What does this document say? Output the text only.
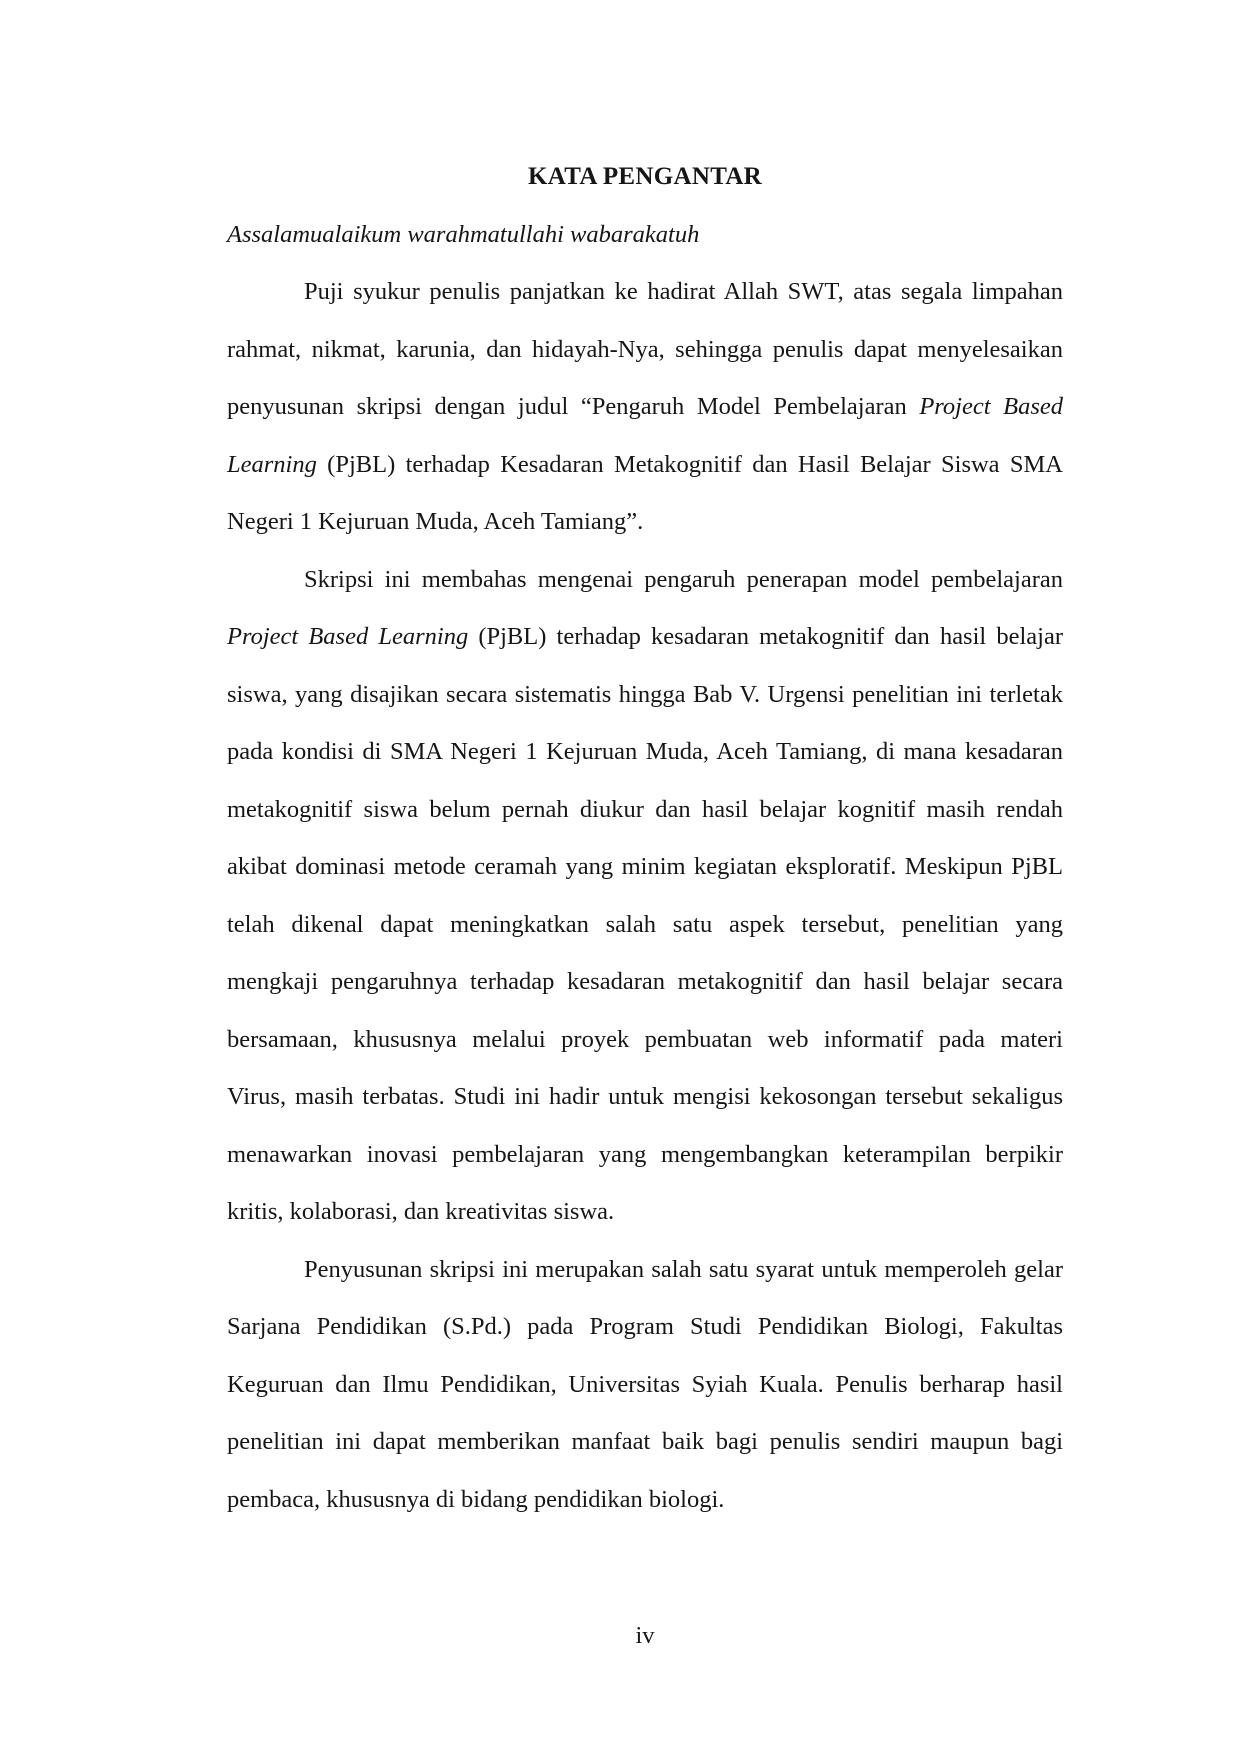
KATA PENGANTAR

Assalamualaikum warahmatullahi wabarakatuh

Puji syukur penulis panjatkan ke hadirat Allah SWT, atas segala limpahan
rahmat, nikmat, karunia, dan hidayah-Nya, sehingga penulis dapat menyelesaikan
penyusunan skripsi dengan judul “Pengaruh Model Pembelajaran Project Based
Learning (PjBL) terhadap Kesadaran Metakognitif dan Hasil Belajar Siswa SMA
Negeri 1 Kejuruan Muda, Aceh Tamiang”.
Skripsi ini membahas mengenai pengaruh penerapan model pembelajaran
Project Based Learning (PjBL) terhadap kesadaran metakognitif dan hasil belajar
siswa, yang disajikan secara sistematis hingga Bab V. Urgensi penelitian ini terletak
pada kondisi di SMA Negeri 1 Kejuruan Muda, Aceh Tamiang, di mana kesadaran
metakognitif siswa belum pernah diukur dan hasil belajar kognitif masih rendah
akibat dominasi metode ceramah yang minim kegiatan eksploratif. Meskipun PjBL
telah dikenal dapat meningkatkan salah satu aspek tersebut, penelitian yang
mengkaji pengaruhnya terhadap kesadaran metakognitif dan hasil belajar secara
bersamaan, khususnya melalui proyek pembuatan web informatif pada materi
Virus, masih terbatas. Studi ini hadir untuk mengisi kekosongan tersebut sekaligus
menawarkan inovasi pembelajaran yang mengembangkan keterampilan berpikir
kritis, kolaborasi, dan kreativitas siswa.
Penyusunan skripsi ini merupakan salah satu syarat untuk memperoleh gelar
Sarjana Pendidikan (S.Pd.) pada Program Studi Pendidikan Biologi, Fakultas
Keguruan dan Ilmu Pendidikan, Universitas Syiah Kuala. Penulis berharap hasil
penelitian ini dapat memberikan manfaat baik bagi penulis sendiri maupun bagi
pembaca, khususnya di bidang pendidikan biologi.
iv
